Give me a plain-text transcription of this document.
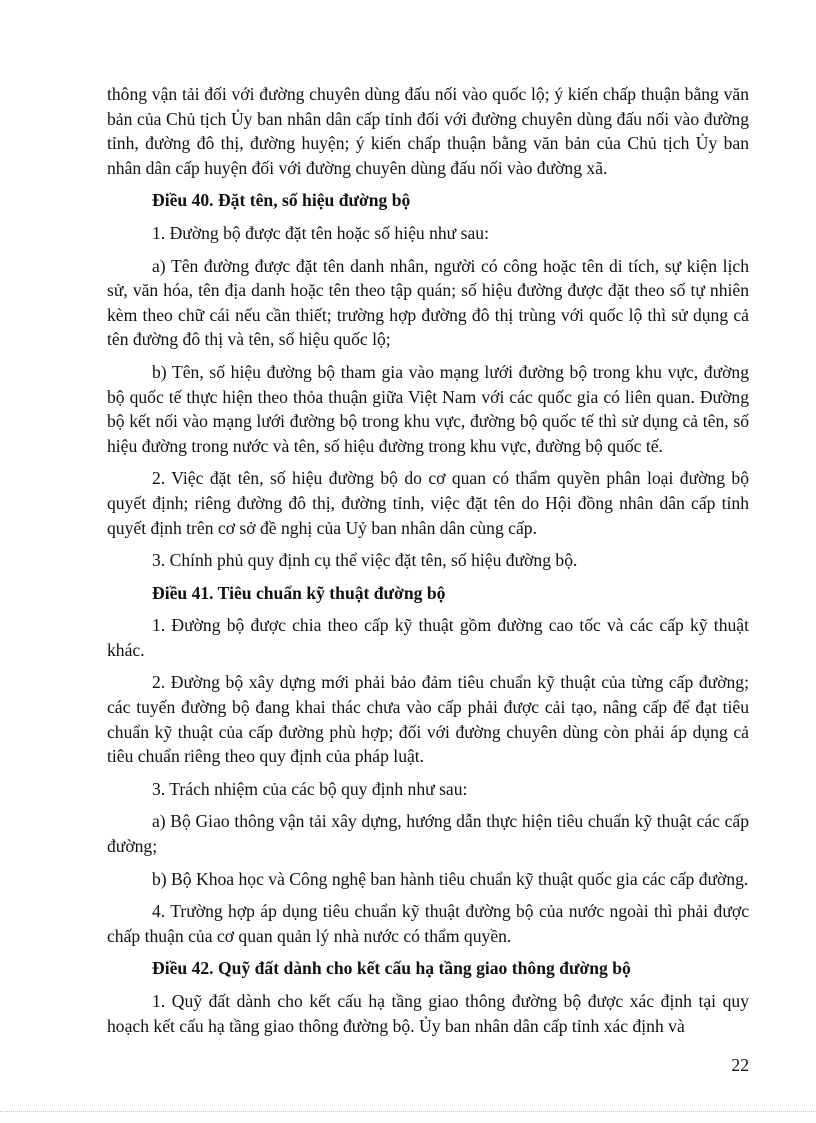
thông vận tải đối với đường chuyên dùng đấu nối vào quốc lộ; ý kiến chấp thuận bằng văn bản của Chủ tịch Ủy ban nhân dân cấp tỉnh đối với đường chuyên dùng đấu nối vào đường tỉnh, đường đô thị, đường huyện; ý kiến chấp thuận bằng văn bản của Chủ tịch Ủy ban nhân dân cấp huyện đối với đường chuyên dùng đấu nối vào đường xã.

Điều 40. Đặt tên, số hiệu đường bộ

1. Đường bộ được đặt tên hoặc số hiệu như sau:

a) Tên đường được đặt tên danh nhân, người có công hoặc tên di tích, sự kiện lịch sử, văn hóa, tên địa danh hoặc tên theo tập quán; số hiệu đường được đặt theo số tự nhiên kèm theo chữ cái nếu cần thiết; trường hợp đường đô thị trùng với quốc lộ thì sử dụng cả tên đường đô thị và tên, số hiệu quốc lộ;

b) Tên, số hiệu đường bộ tham gia vào mạng lưới đường bộ trong khu vực, đường bộ quốc tế thực hiện theo thỏa thuận giữa Việt Nam với các quốc gia có liên quan. Đường bộ kết nối vào mạng lưới đường bộ trong khu vực, đường bộ quốc tế thì sử dụng cả tên, số hiệu đường trong nước và tên, số hiệu đường trong khu vực, đường bộ quốc tế.

2. Việc đặt tên, số hiệu đường bộ do cơ quan có thẩm quyền phân loại đường bộ quyết định; riêng đường đô thị, đường tỉnh, việc đặt tên do Hội đồng nhân dân cấp tỉnh quyết định trên cơ sở đề nghị của Uỷ ban nhân dân cùng cấp.

3. Chính phủ quy định cụ thể việc đặt tên, số hiệu đường bộ.

Điều 41. Tiêu chuẩn kỹ thuật đường bộ

1. Đường bộ được chia theo cấp kỹ thuật gồm đường cao tốc và các cấp kỹ thuật khác.

2. Đường bộ xây dựng mới phải bảo đảm tiêu chuẩn kỹ thuật của từng cấp đường; các tuyến đường bộ đang khai thác chưa vào cấp phải được cải tạo, nâng cấp để đạt tiêu chuẩn kỹ thuật của cấp đường phù hợp; đối với đường chuyên dùng còn phải áp dụng cả tiêu chuẩn riêng theo quy định của pháp luật.

3. Trách nhiệm của các bộ quy định như sau:

a) Bộ Giao thông vận tải xây dựng, hướng dẫn thực hiện tiêu chuẩn kỹ thuật các cấp đường;

b) Bộ Khoa học và Công nghệ ban hành tiêu chuẩn kỹ thuật quốc gia các cấp đường.

4. Trường hợp áp dụng tiêu chuẩn kỹ thuật đường bộ của nước ngoài thì phải được chấp thuận của cơ quan quản lý nhà nước có thẩm quyền.

Điều 42. Quỹ đất dành cho kết cấu hạ tầng giao thông đường bộ

1. Quỹ đất dành cho kết cấu hạ tầng giao thông đường bộ được xác định tại quy hoạch kết cấu hạ tầng giao thông đường bộ. Ủy ban nhân dân cấp tỉnh xác định và

22
